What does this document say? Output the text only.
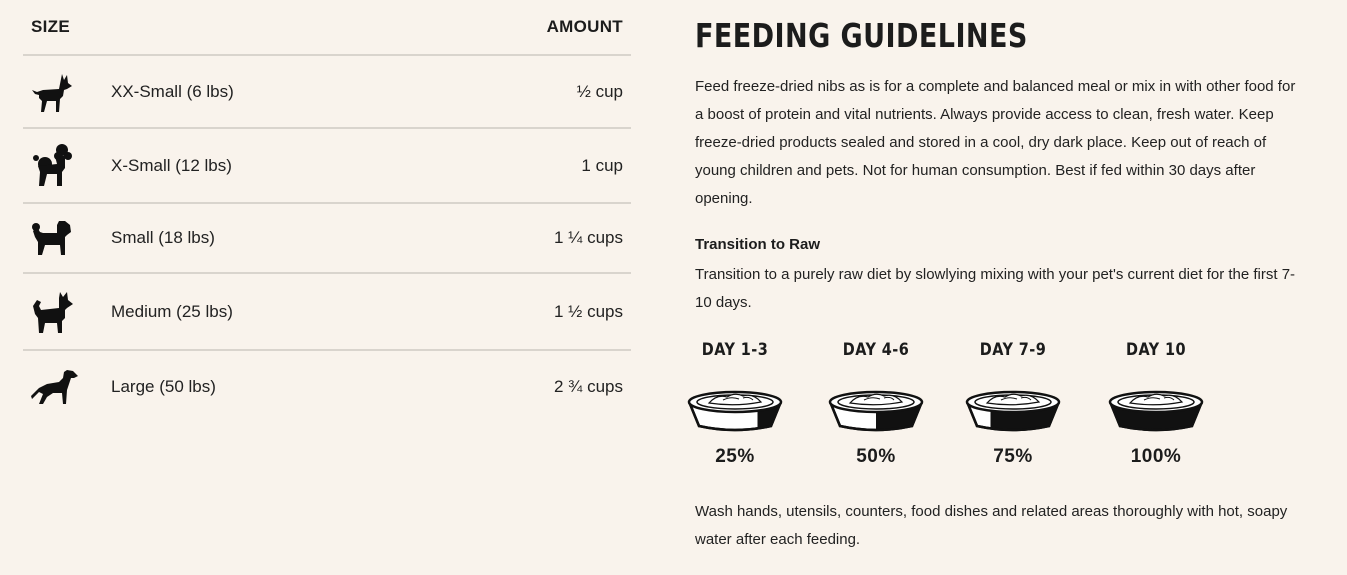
SIZE	AMOUNT
XX-Small (6 lbs)	½ cup
X-Small (12 lbs)	1 cup
Small (18 lbs)	1 ¼ cups
Medium (25 lbs)	1 ½ cups
Large (50 lbs)	2 ¾ cups
FEEDING GUIDELINES
Feed freeze-dried nibs as is for a complete and balanced meal or mix in with other food for a boost of protein and vital nutrients. Always provide access to clean, fresh water. Keep freeze-dried products sealed and stored in a cool, dry dark place. Keep out of reach of young children and pets. Not for human consumption. Best if fed within 30 days after opening.
Transition to Raw
Transition to a purely raw diet by slowlying mixing with your pet's current diet for the first 7-10 days.
DAY 1-3
25%
DAY 4-6
50%
DAY 7-9
75%
DAY 10
100%
Wash hands, utensils, counters, food dishes and related areas thoroughly with hot, soapy water after each feeding.
